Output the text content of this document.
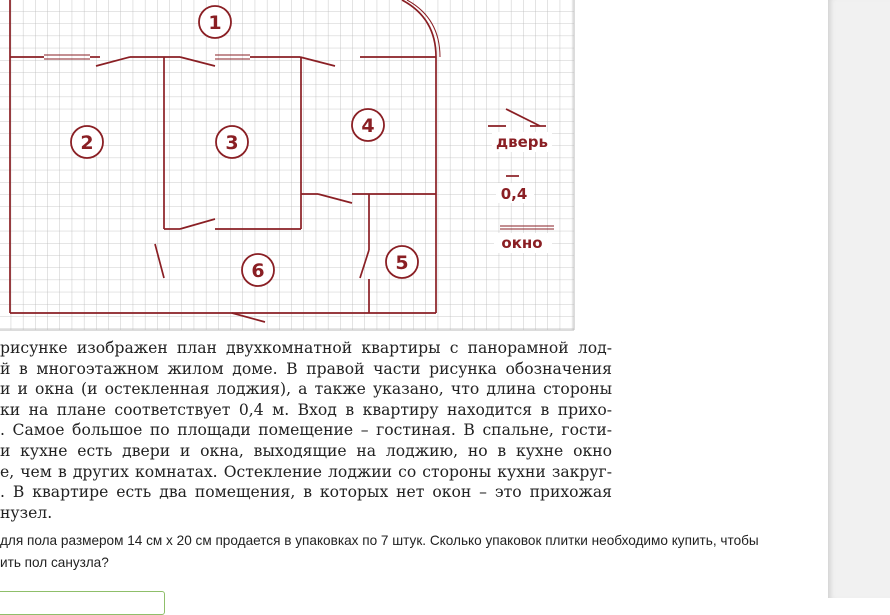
1
2	3
4
5
6
дверь
0,4
окно

рисунке изображен план двухкомнатной квартиры с панорамной лод-
й в многоэтажном жилом доме. В правой части рисунка обозначения
и и окна (и остекленная лоджия), а также указано, что длина стороны
ки на плане соответствует 0,4 м. Вход в квартиру находится в прихо-
. Самое большое по площади помещение – гостиная. В спальне, гости-
и кухне есть двери и окна, выходящие на лоджию, но в кухне окно
е, чем в других комнатах. Остекление лоджии со стороны кухни закруг-
. В квартире есть два помещения, в которых нет окон – это прихожая
нузел.

для пола размером 14 см х 20 см продается в упаковках по 7 штук. Сколько упаковок плитки необходимо купить, чтобы
ить пол санузла?
